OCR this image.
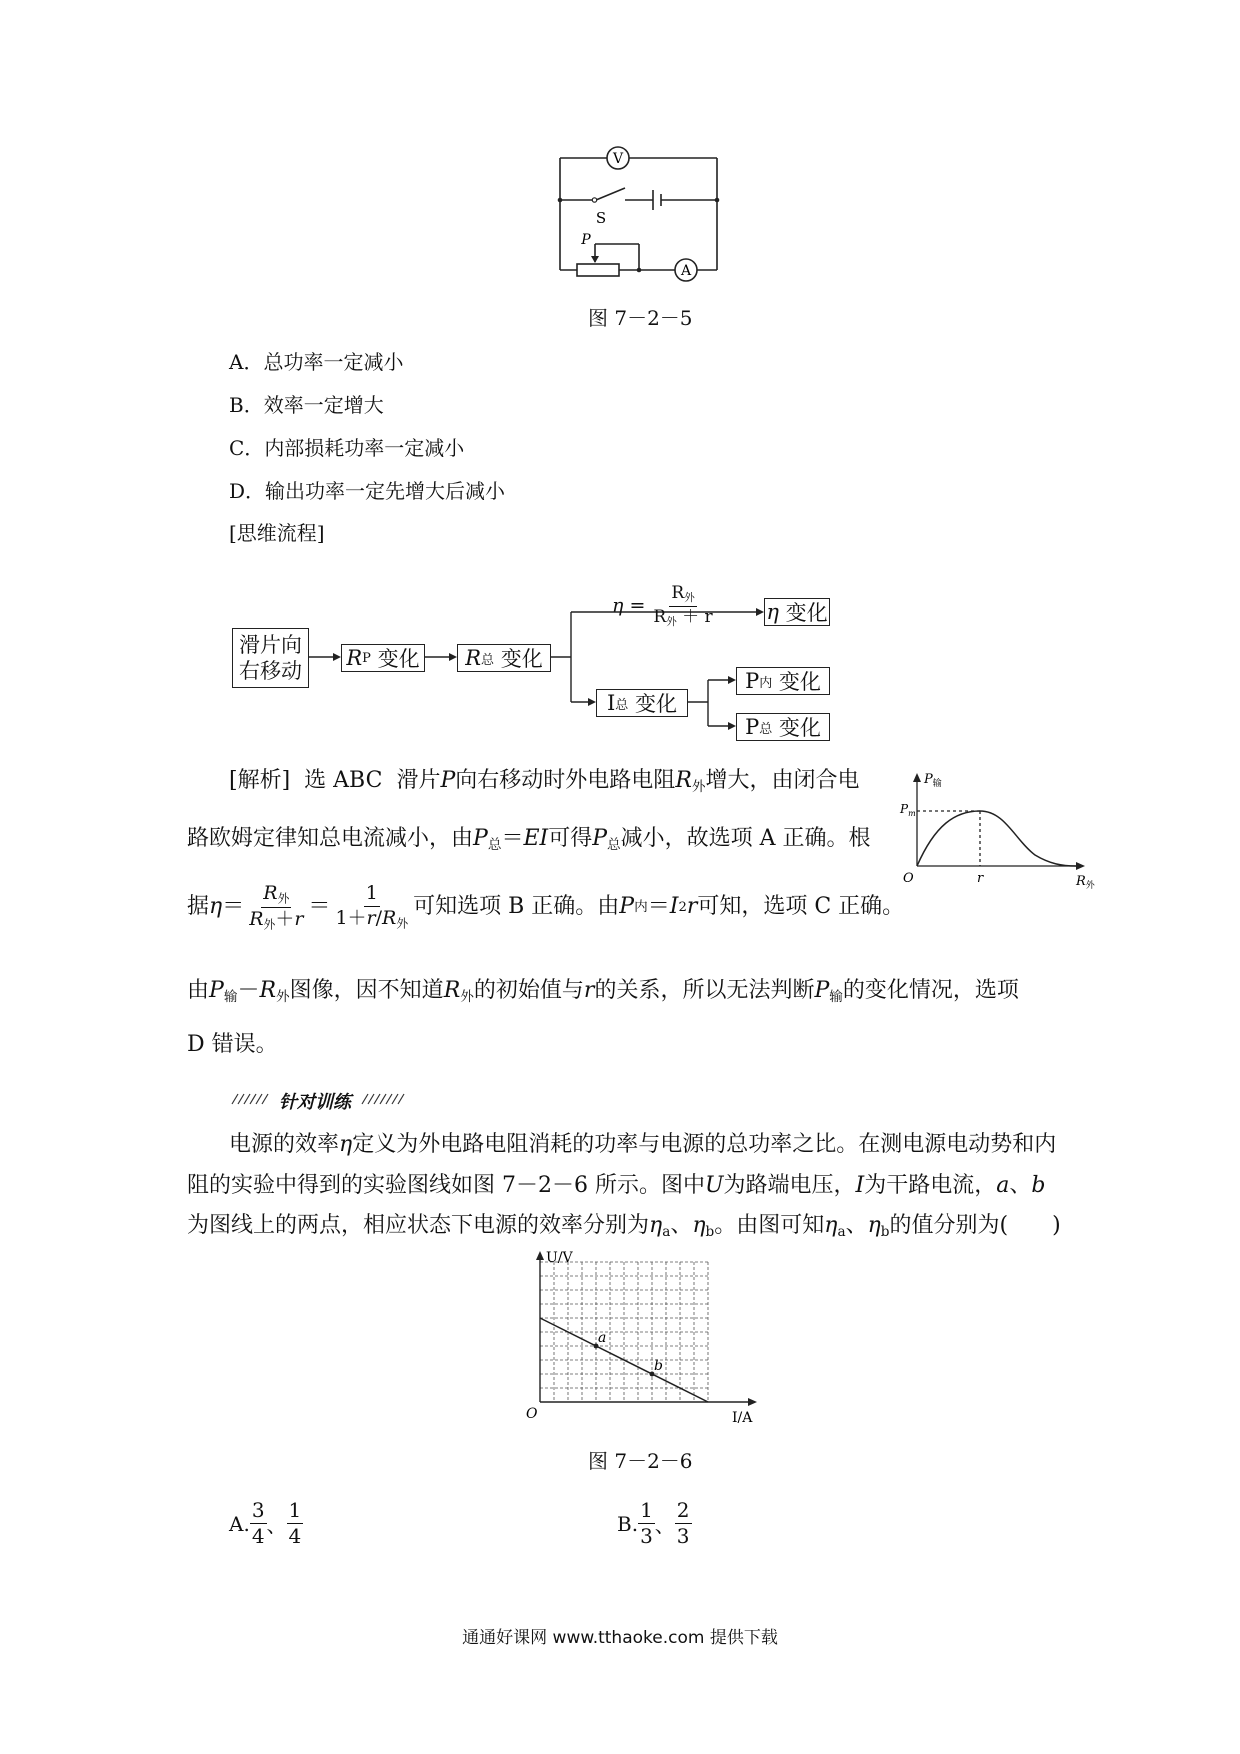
V
A
S
P
图 7－2－5
A．总功率一定减小
B．效率一定增大
C．内部损耗功率一定减小
D．输出功率一定先增大后减小
[思维流程]
滑片向
右移动
R P
变化 R 总
变化
$\eta = \frac{R_外}{R_外 + r}$ η
变化
I 总
变化
P 内
变化
P 总
变化
[解析] 选 ABC 滑片P向右移动时外电路电阻$R_外$增大，由闭合电
路欧姆定律知总电流减小，由$P_总=EI$可得$P_总$减小，故选项 A 正确。根
据 $\eta = \frac{R_外}{R_外+r} = \frac{1}{1+r/R_外}$ 可知选项 B 正确。由 P 内 ＝ I 2 r 可知，选项 C 正确。
由$P_输-R_外$图像，因不知道$R_外$的初始值与r的关系，所以无法判断$P_输$的变化情况，选项
D 错误。
$P_输$
$P_m$
O	r	$R_外$
针对训练
电源的效率η定义为外电路电阻消耗的功率与电源的总功率之比。在测电源电动势和内
阻的实验中得到的实验图线如图 7－2－6 所示。图中U为路端电压，I为干路电流，a、b
为图线上的两点，相应状态下电源的效率分别为$\eta_a$、$\eta_b$。由图可知$\eta_a$、$\eta_b$的值分别为(　　)
a
b
U/V
I/A
O
图 7－2－6
A. $\frac{3}{4}$ 、 $\frac{1}{4}$	B. $\frac{1}{3}$ 、 $\frac{2}{3}$
通通好课网 www.tthaoke.com 提供下载
